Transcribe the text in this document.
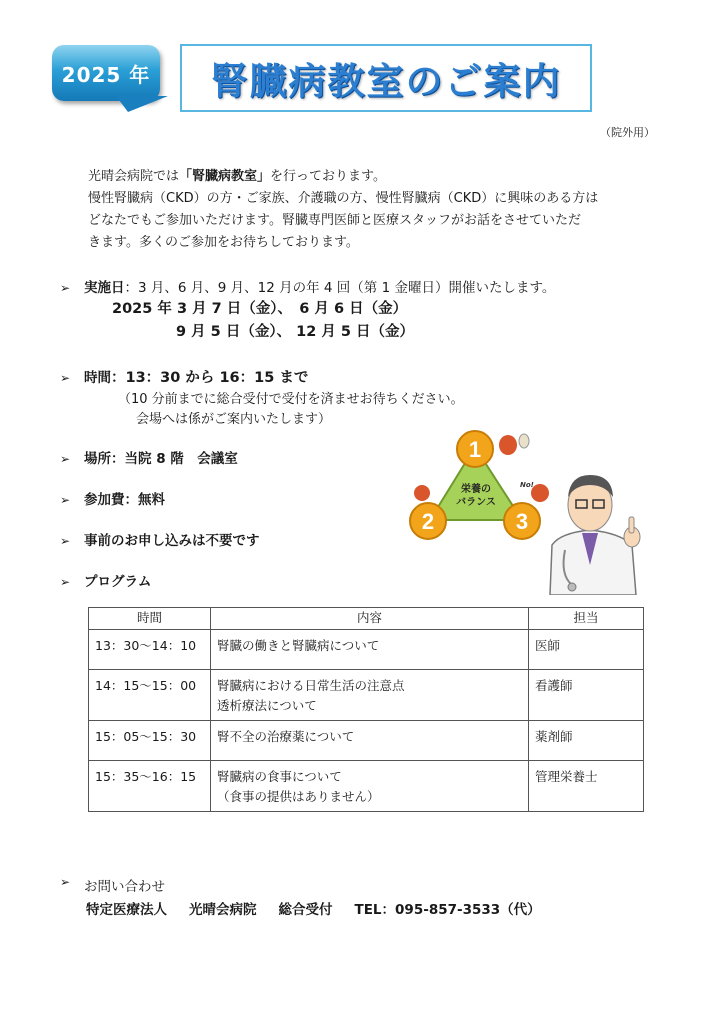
2025 年 腎臓病教室のご案内
（院外用）
光晴会病院では「腎臓病教室」を行っております。
慢性腎臓病（CKD）の方・ご家族、介護職の方、慢性腎臓病（CKD）に興味のある方は
どなたでもご参加いただけます。腎臓専門医師と医療スタッフがお話をさせていただ
きます。多くのご参加をお待ちしております。
➢	実施日 ：3 月、6 月、9 月、12 月の年 4 回（第 1 金曜日）開催いたします。
2025 年 3 月 7 日（金）、　6 月 6 日（金）
9 月 5 日（金）、 12 月 5 日（金）
➢	時間 ：13：30 から 16：15 まで
（10 分前までに総合受付で受付を済ませお待ちください。
会場へは係がご案内いたします）
➢	場所 ：当院 8 階　会議室
➢	参加費 ：無料
➢	事前のお申し込みは不要です
➢	プログラム
時間	内容	担当
13：30〜14：10	腎臓の働きと腎臓病について	医師
14：15〜15：00	腎臓病における日常生活の注意点
透析療法について	看護師
15：05〜15：30	腎不全の治療薬について	薬剤師
15：35〜16：15	腎臓病の食事について
（食事の提供はありません）	管理栄養士
1
2	3
栄養の
バランス
No!
➢	お問い合わせ
特定医療法人 光晴会病院 総合受付 TEL：095-857-3533（代）
